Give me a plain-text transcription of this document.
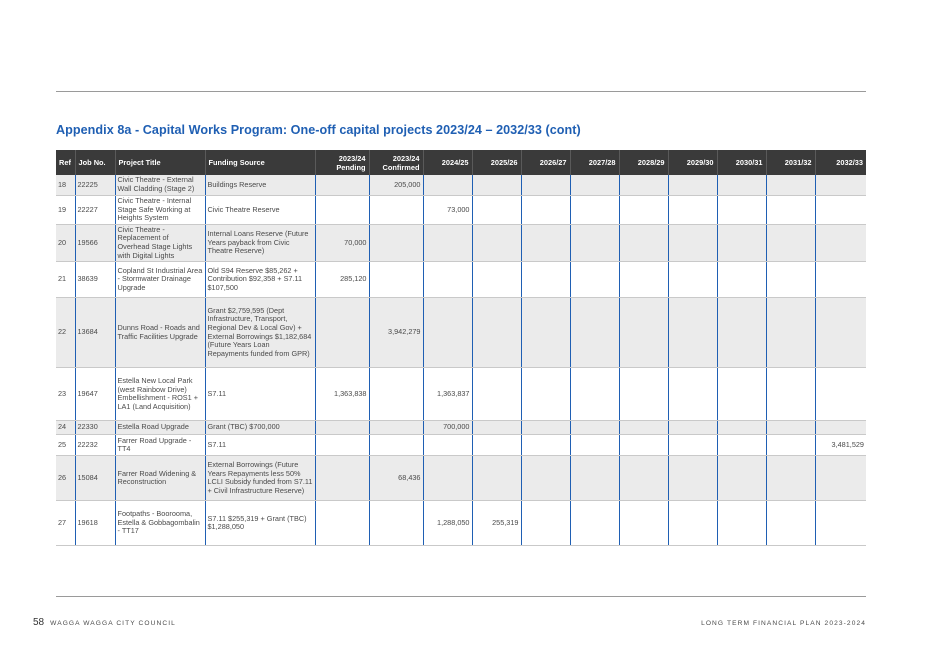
Appendix 8a - Capital Works Program: One-off capital projects 2023/24 – 2032/33 (cont)
Ref	Job No.	Project Title	Funding Source	2023/24 Pending	2023/24 Confirmed	2024/25	2025/26	2026/27	2027/28	2028/29	2029/30	2030/31	2031/32	2032/33
18	22225	Civic Theatre - External Wall Cladding (Stage 2)	Buildings Reserve		205,000									
19	22227	Civic Theatre - Internal Stage Safe Working at Heights System	Civic Theatre Reserve			73,000								
20	19566	Civic Theatre - Replacement of Overhead Stage Lights with Digital Lights	Internal Loans Reserve (Future Years payback from Civic Theatre Reserve)	70,000										
21	38639	Copland St Industrial Area - Stormwater Drainage Upgrade	Old S94 Reserve $85,262 + Contribution $92,358 + S7.11 $107,500	285,120										
22	13684	Dunns Road - Roads and Traffic Facilities Upgrade	Grant $2,759,595 (Dept Infrastructure, Transport, Regional Dev & Local Gov) + External Borrowings $1,182,684 (Future Years Loan Repayments funded from GPR)		3,942,279									
23	19647	Estella New Local Park (west Rainbow Drive) Embellishment - ROS1 + LA1 (Land Acquisition)	S7.11	1,363,838		1,363,837								
24	22330	Estella Road Upgrade	Grant (TBC) $700,000			700,000								
25	22232	Farrer Road Upgrade - TT4	S7.11											3,481,529
26	15084	Farrer Road Widening & Reconstruction	External Borrowings (Future Years Repayments less 50% LCLI Subsidy funded from S7.11 + Civil Infrastructure Reserve)		68,436									
27	19618	Footpaths - Boorooma, Estella & Gobbagombalin - TT17	S7.11 $255,319 + Grant (TBC) $1,288,050			1,288,050	255,319							
58 WAGGA WAGGA CITY COUNCIL	LONG TERM FINANCIAL PLAN 2023-2024
